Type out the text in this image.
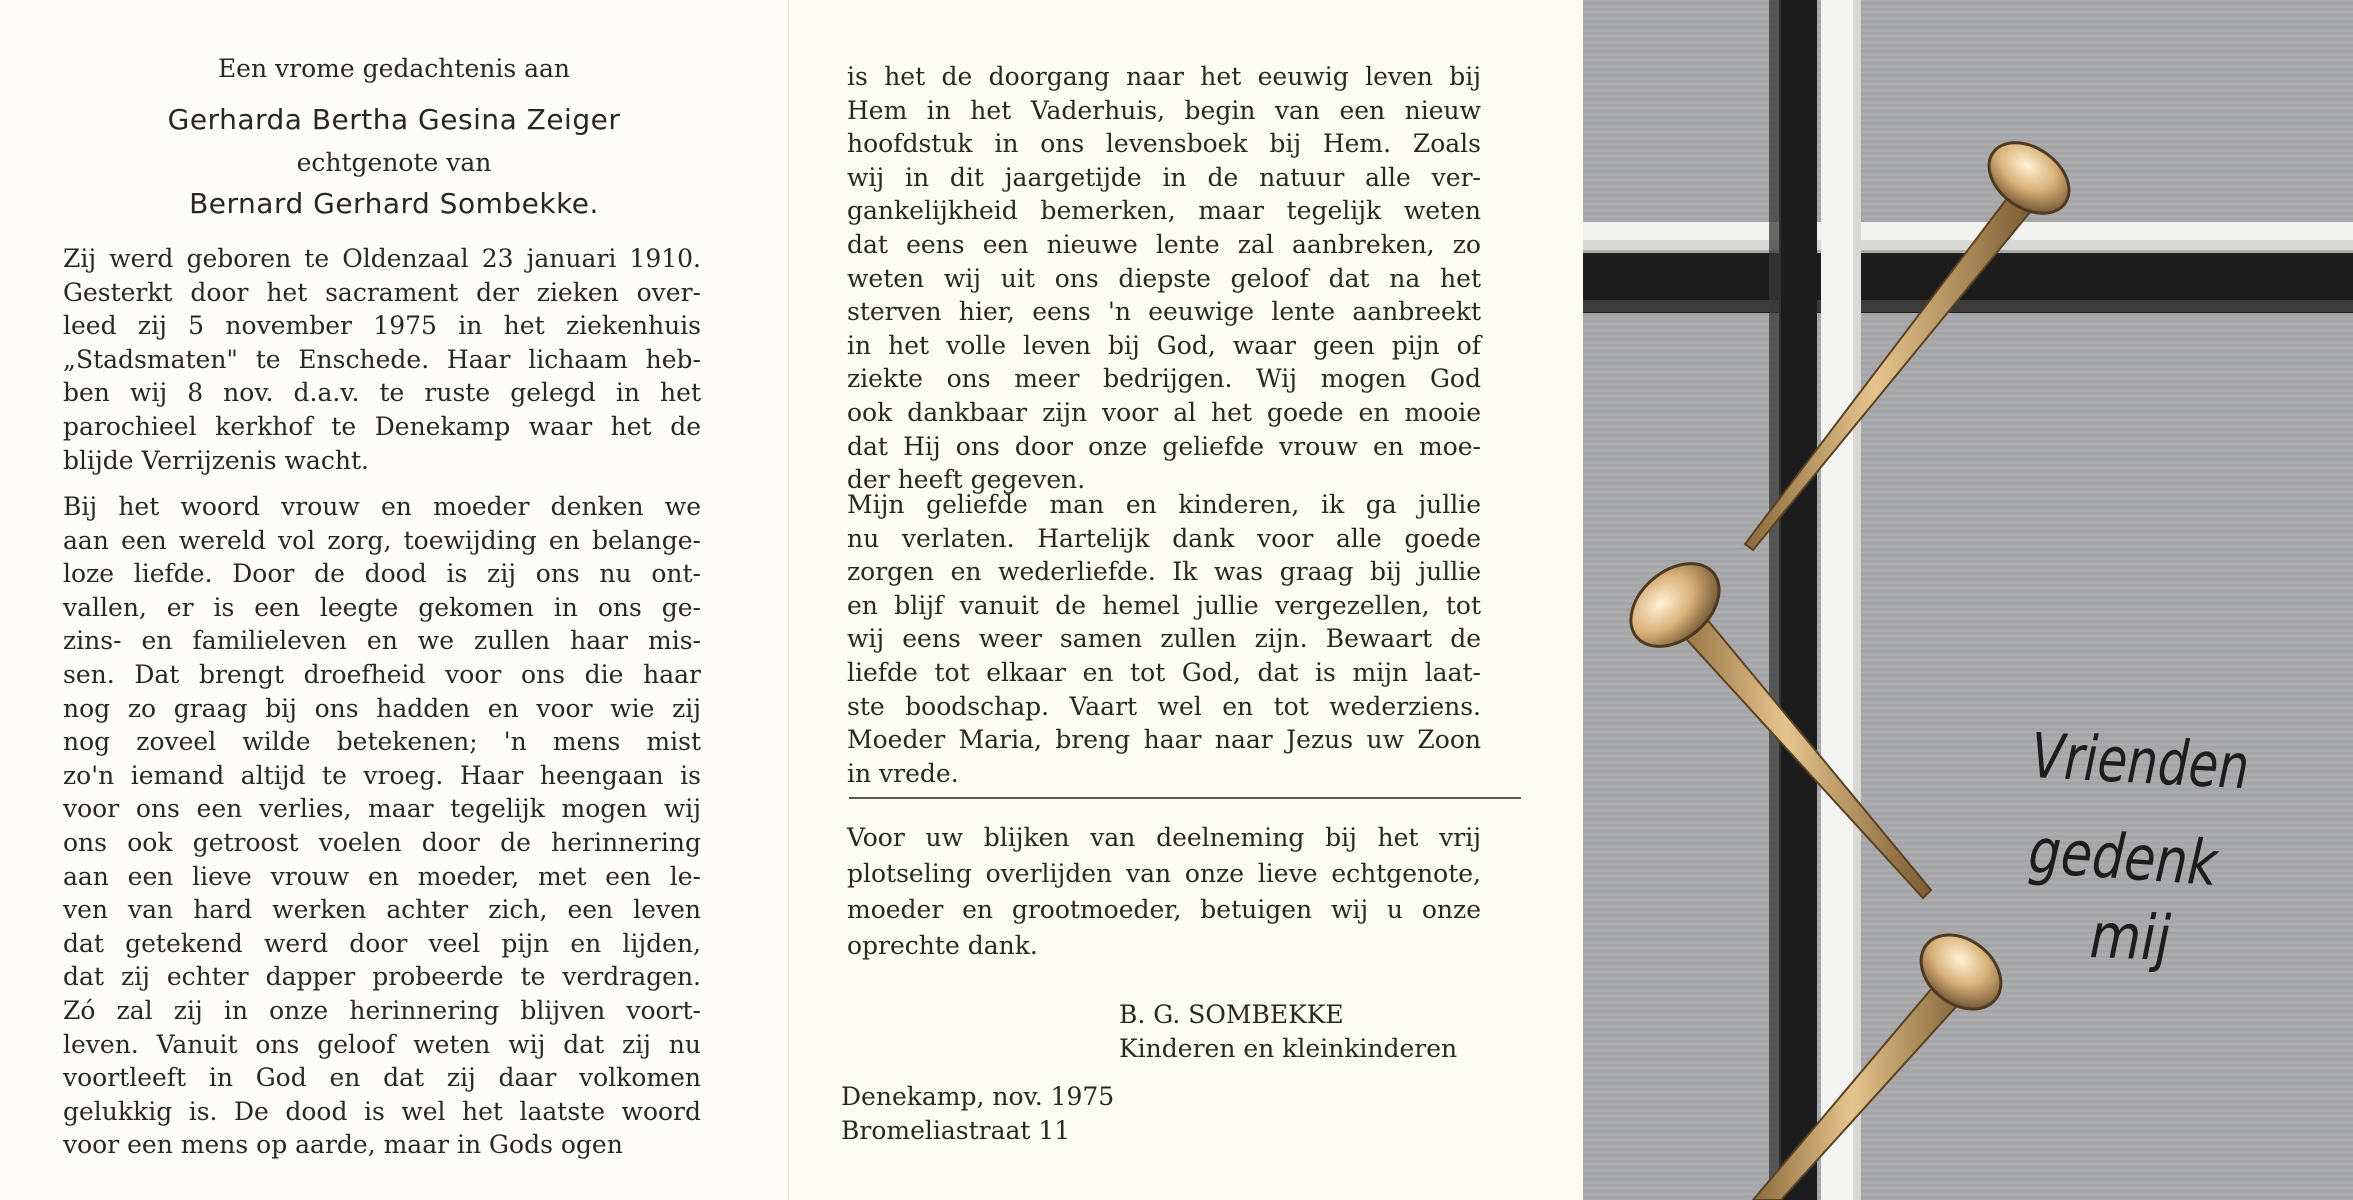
Een vrome gedachtenis aan

Gerharda Bertha Gesina Zeiger

echtgenote van

Bernard Gerhard Sombekke.

Zij werd geboren te Oldenzaal 23 januari 1910.
Gesterkt door het sacrament der zieken over-
leed zij 5 november 1975 in het ziekenhuis
„Stadsmaten" te Enschede. Haar lichaam heb-
ben wij 8 nov. d.a.v. te ruste gelegd in het
parochieel kerkhof te Denekamp waar het de
blijde Verrijzenis wacht.
Bij het woord vrouw en moeder denken we
aan een wereld vol zorg, toewijding en belange-
loze liefde. Door de dood is zij ons nu ont-
vallen, er is een leegte gekomen in ons ge-
zins- en familieleven en we zullen haar mis-
sen. Dat brengt droefheid voor ons die haar
nog zo graag bij ons hadden en voor wie zij
nog zoveel wilde betekenen; 'n mens mist
zo'n iemand altijd te vroeg. Haar heengaan is
voor ons een verlies, maar tegelijk mogen wij
ons ook getroost voelen door de herinnering
aan een lieve vrouw en moeder, met een le-
ven van hard werken achter zich, een leven
dat getekend werd door veel pijn en lijden,
dat zij echter dapper probeerde te verdragen.
Zó zal zij in onze herinnering blijven voort-
leven. Vanuit ons geloof weten wij dat zij nu
voortleeft in God en dat zij daar volkomen
gelukkig is. De dood is wel het laatste woord
voor een mens op aarde, maar in Gods ogen
is het de doorgang naar het eeuwig leven bij
Hem in het Vaderhuis, begin van een nieuw
hoofdstuk in ons levensboek bij Hem. Zoals
wij in dit jaargetijde in de natuur alle ver-
gankelijkheid bemerken, maar tegelijk weten
dat eens een nieuwe lente zal aanbreken, zo
weten wij uit ons diepste geloof dat na het
sterven hier, eens 'n eeuwige lente aanbreekt
in het volle leven bij God, waar geen pijn of
ziekte ons meer bedrijgen. Wij mogen God
ook dankbaar zijn voor al het goede en mooie
dat Hij ons door onze geliefde vrouw en moe-
der heeft gegeven.
Mijn geliefde man en kinderen, ik ga jullie
nu verlaten. Hartelijk dank voor alle goede
zorgen en wederliefde. Ik was graag bij jullie
en blijf vanuit de hemel jullie vergezellen, tot
wij eens weer samen zullen zijn. Bewaart de
liefde tot elkaar en tot God, dat is mijn laat-
ste boodschap. Vaart wel en tot wederziens.
Moeder Maria, breng haar naar Jezus uw Zoon
in vrede.
Voor uw blijken van deelneming bij het vrij
plotseling overlijden van onze lieve echtgenote,
moeder en grootmoeder, betuigen wij u onze
oprechte dank.

B. G. SOMBEKKE

Kinderen en kleinkinderen

Denekamp, nov. 1975

Bromeliastraat 11

Vrienden

gedenk

mij
